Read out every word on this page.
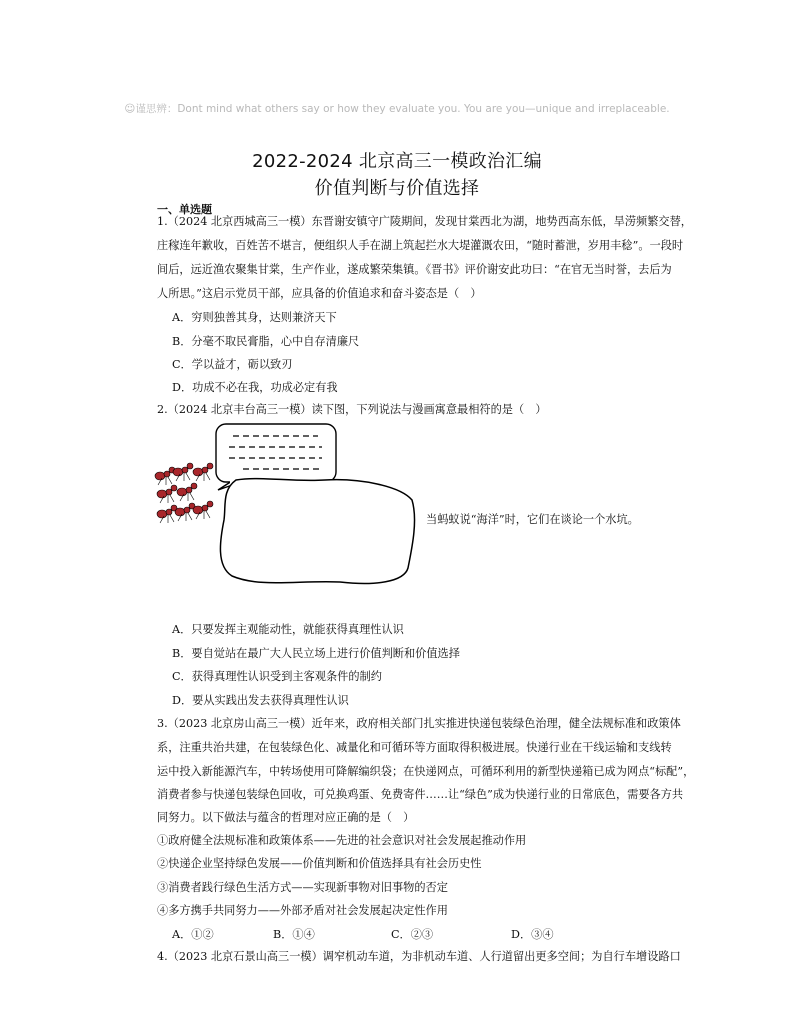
☺谨思辨：Dont mind what others say or how they evaluate you. You are you—unique and irreplaceable.
2022-2024 北京高三一模政治汇编
价值判断与价值选择
一、单选题
1.（2024 北京西城高三一模）东晋谢安镇守广陵期间，发现甘棠西北为湖，地势西高东低，旱涝频繁交替，
庄稼连年歉收，百姓苦不堪言，便组织人手在湖上筑起拦水大堤灌溉农田，“随时蓄泄，岁用丰稔”。一段时
间后，远近渔农聚集甘棠，生产作业，遂成繁荣集镇。《晋书》评价谢安此功曰：“在官无当时誉，去后为
人所思。”这启示党员干部，应具备的价值追求和奋斗姿态是（　）
A．穷则独善其身，达则兼济天下
B．分毫不取民膏脂，心中自存清廉尺
C．学以益才，砺以致刃
D．功成不必在我，功成必定有我
2.（2024 北京丰台高三一模）读下图，下列说法与漫画寓意最相符的是（　）
当蚂蚁说“海洋”时，它们在谈论一个水坑。
A．只要发挥主观能动性，就能获得真理性认识
B．要自觉站在最广大人民立场上进行价值判断和价值选择
C．获得真理性认识受到主客观条件的制约
D．要从实践出发去获得真理性认识
3.（2023 北京房山高三一模）近年来，政府相关部门扎实推进快递包装绿色治理，健全法规标准和政策体
系，注重共治共建，在包装绿色化、减量化和可循环等方面取得积极进展。快递行业在干线运输和支线转
运中投入新能源汽车，中转场使用可降解编织袋；在快递网点，可循环利用的新型快递箱已成为网点“标配”，
消费者参与快递包装绿色回收，可兑换鸡蛋、免费寄件……让“绿色”成为快递行业的日常底色，需要各方共
同努力。以下做法与蕴含的哲理对应正确的是（　）
①政府健全法规标准和政策体系——先进的社会意识对社会发展起推动作用
②快递企业坚持绿色发展——价值判断和价值选择具有社会历史性
③消费者践行绿色生活方式——实现新事物对旧事物的否定
④多方携手共同努力——外部矛盾对社会发展起决定性作用
A．①②	B．①④	C．②③	D．③④
4.（2023 北京石景山高三一模）调窄机动车道，为非机动车道、人行道留出更多空间；为自行车增设路口
